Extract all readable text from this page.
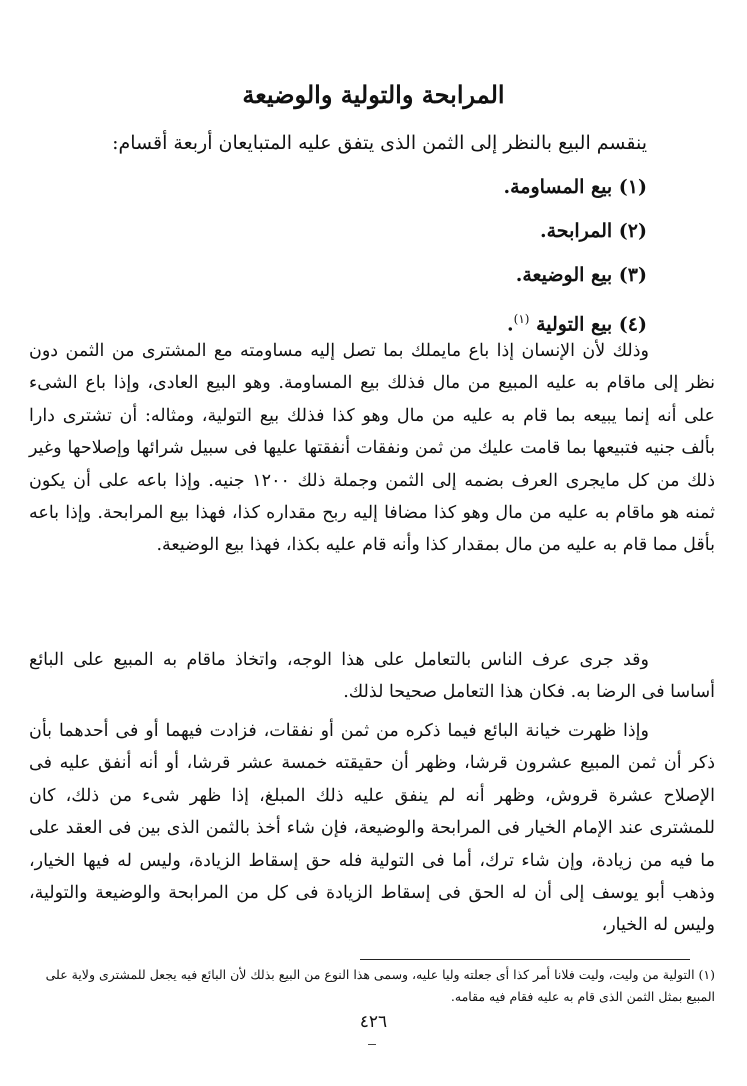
المرابحة والتولية والوضيعة
ينقسم البيع بالنظر إلى الثمن الذى يتفق عليه المتبايعان أربعة أقسام:
(١) بيع المساومة.
(٢) المرابحة.
(٣) بيع الوضيعة.
(٤) بيع التولية $^{(١)}$.
وذلك لأن الإنسان إذا باع مايملك بما تصل إليه مساومته مع المشترى من الثمن دون نظر إلى ماقام به عليه المبيع من مال فذلك بيع المساومة. وهو البيع العادى، وإذا باع الشىء على أنه إنما يبيعه بما قام به عليه من مال وهو كذا فذلك بيع التولية، ومثاله: أن تشترى دارا بألف جنيه فتبيعها بما قامت عليك من ثمن ونفقات أنفقتها عليها فى سبيل شرائها وإصلاحها وغير ذلك من كل مايجرى العرف بضمه إلى الثمن وجملة ذلك ١٢٠٠ جنيه. وإذا باعه على أن يكون ثمنه هو ماقام به عليه من مال وهو كذا مضافا إليه ربح مقداره كذا، فهذا بيع المرابحة. وإذا باعه بأقل مما قام به عليه من مال بمقدار كذا وأنه قام عليه بكذا، فهذا بيع الوضيعة.
وقد جرى عرف الناس بالتعامل على هذا الوجه، واتخاذ ماقام به المبيع على البائع أساسا فى الرضا به. فكان هذا التعامل صحيحا لذلك.
وإذا ظهرت خيانة البائع فيما ذكره من ثمن أو نفقات، فزادت فيهما أو فى أحدهما بأن ذكر أن ثمن المبيع عشرون قرشا، وظهر أن حقيقته خمسة عشر قرشا، أو أنه أنفق عليه فى الإصلاح عشرة قروش، وظهر أنه لم ينفق عليه ذلك المبلغ، إذا ظهر شىء من ذلك، كان للمشترى عند الإمام الخيار فى المرابحة والوضيعة، فإن شاء أخذ بالثمن الذى بين فى العقد على ما فيه من زيادة، وإن شاء ترك، أما فى التولية فله حق إسقاط الزيادة، وليس له فيها الخيار، وذهب أبو يوسف إلى أن له الحق فى إسقاط الزيادة فى كل من المرابحة والوضيعة والتولية، وليس له الخيار،
(١) التولية من وليت، وليت فلانا أمر كذا أى جعلته وليا عليه، وسمى هذا النوع من البيع بذلك لأن البائع فيه يجعل للمشترى ولاية على المبيع بمثل الثمن الذى قام به عليه فقام فيه مقامه.
٤٢٦
